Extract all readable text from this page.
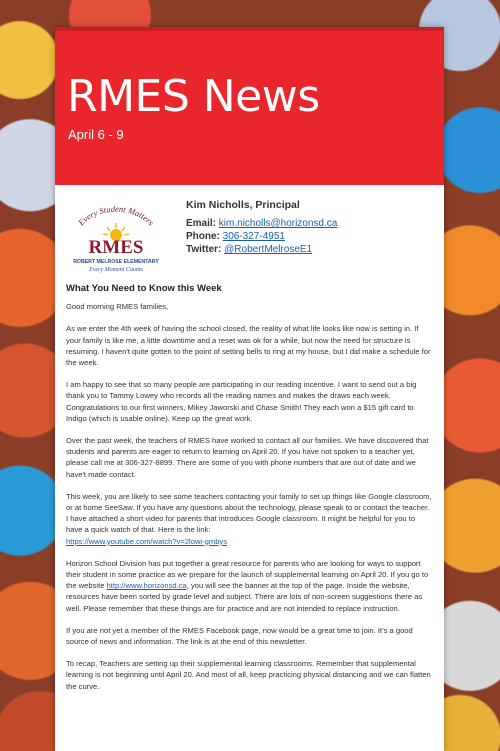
RMES News
April 6 - 9
Every Student Matters
RMES
ROBERT MELROSE ELEMENTARY
Every Moment Counts
Kim Nicholls, Principal
Email: kim.nicholls@horizonsd.ca
Phone: 306-327-4951
Twitter: @RobertMelroseE1
What You Need to Know this Week

Good morning RMES families,

As we enter the 4th week of having the school closed, the reality of what life looks like now is setting in. If your family is like me, a little downtime and a reset was ok for a while, but now the need for structure is resuming. I haven't quite gotten to the point of setting bells to ring at my house, but I did make a schedule for the week.

I am happy to see that so many people are participating in our reading incentive. I want to send out a big thank you to Tammy Lowey who records all the reading names and makes the draws each week. Congratulations to our first winners, Mikey Jaworski and Chase Smith! They each won a $15 gift card to Indigo (which is usable online). Keep up the great work.

Over the past week, the teachers of RMES have worked to contact all our families. We have discovered that students and parents are eager to return to learning on April 20. If you have not spoken to a teacher yet, please call me at 306-327-8899. There are some of you with phone numbers that are out of date and we have't made contact.

This week, you are likely to see some teachers contacting your family to set up things like Google classroom, or at home SeeSaw. If you have any questions about the technology, please speak to or contact the teacher. I have attached a short video for parents that introduces Google classroom. It might be helpful for you to have a quick watch of that. Here is the link:
https://www.youtube.com/watch?v=2lowi-gmbys

Horizon School Division has put together a great resource for parents who are looking for ways to support their student in some practice as we prepare for the launch of supplemental learning on April 20. If you go to the website http://www.horizonsd.ca, you will see the banner at the top of the page. Inside the website, resources have been sorted by grade level and subject. There are lots of non-screen suggestions there as well. Please remember that these things are for practice and are not intended to replace instruction.

If you are not yet a member of the RMES Facebook page, now would be a great time to join. It's a good source of news and information. The link is at the end of this newsletter.

To recap, Teachers are setting up their supplemental learning classrooms. Remember that supplemental learning is not beginning until April 20. And most of all, keep practicing physical distancing and we can flatten the curve.
